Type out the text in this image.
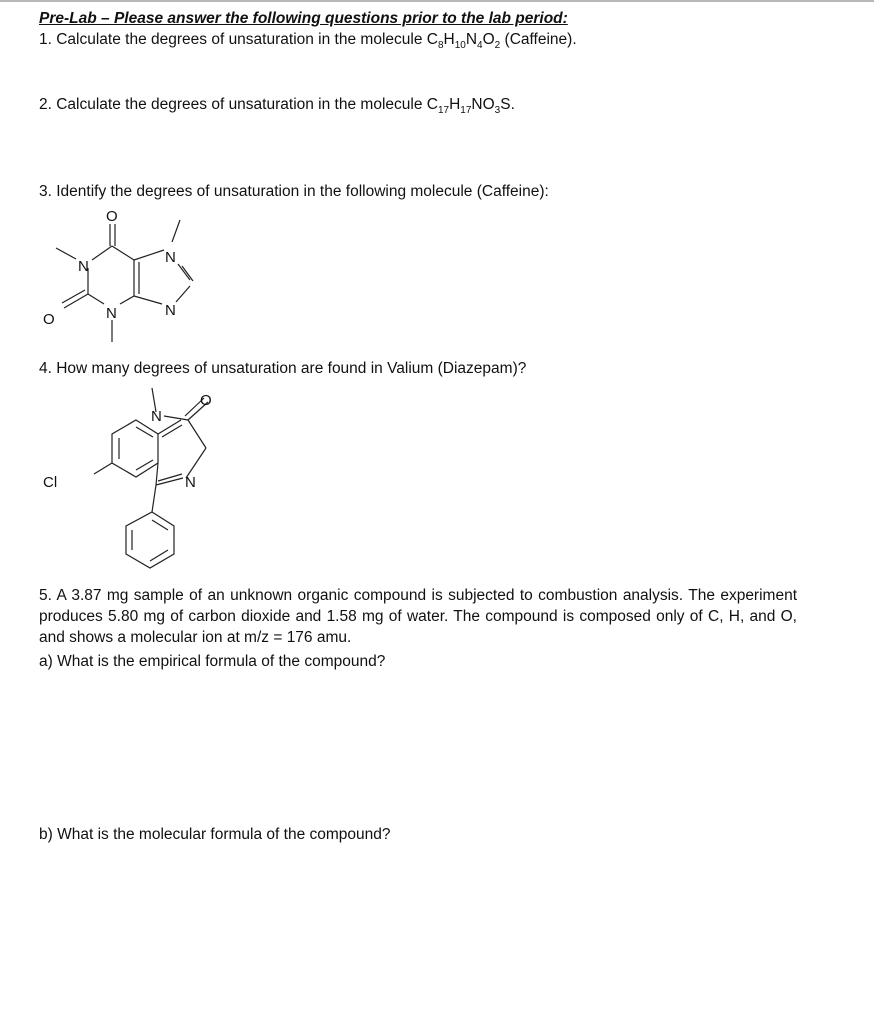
Pre-Lab – Please answer the following questions prior to the lab period:

1. Calculate the degrees of unsaturation in the molecule $C_8H_{10}N_4O_2$ (Caffeine).

2. Calculate the degrees of unsaturation in the molecule $C_{17}H_{17}NO_3S$.

3. Identify the degrees of unsaturation in the following molecule (Caffeine):

O
O
N
N
N
N

4. How many degrees of unsaturation are found in Valium (Diazepam)?

N
O
N
Cl

5. A 3.87 mg sample of an unknown organic compound is subjected to combustion analysis. The experiment produces 5.80 mg of carbon dioxide and 1.58 mg of water. The compound is composed only of C, H, and O, and shows a molecular ion at m/z = 176 amu.

a) What is the empirical formula of the compound?

b) What is the molecular formula of the compound?
